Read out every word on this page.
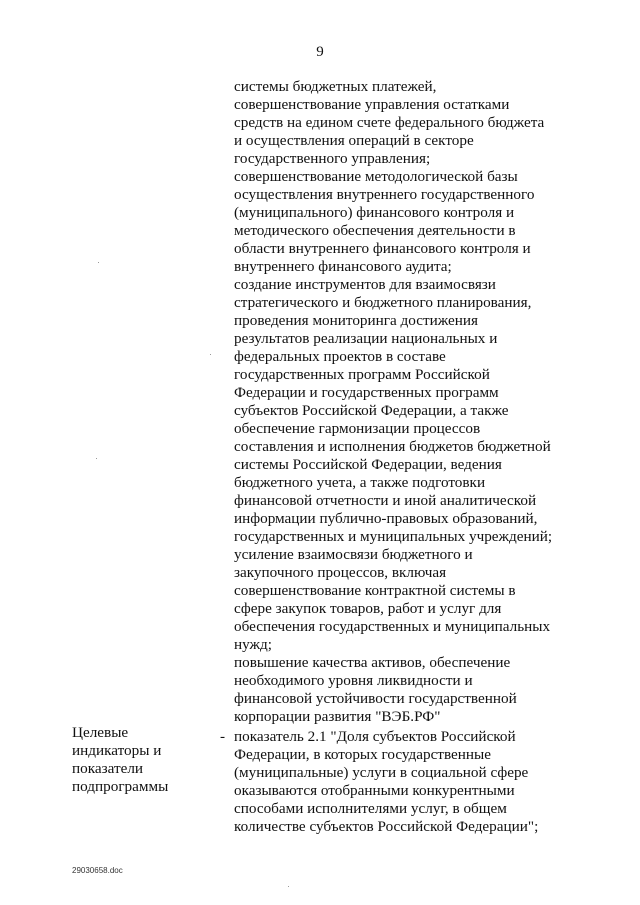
9
системы бюджетных платежей,
совершенствование управления остатками
средств на едином счете федерального бюджета
и осуществления операций в секторе
государственного управления;
совершенствование методологической базы
осуществления внутреннего государственного
(муниципального) финансового контроля и
методического обеспечения деятельности в
области внутреннего финансового контроля и
внутреннего финансового аудита;
создание инструментов для взаимосвязи
стратегического и бюджетного планирования,
проведения мониторинга достижения
результатов реализации национальных и
федеральных проектов в составе
государственных программ Российской
Федерации и государственных программ
субъектов Российской Федерации, а также
обеспечение гармонизации процессов
составления и исполнения бюджетов бюджетной
системы Российской Федерации, ведения
бюджетного учета, а также подготовки
финансовой отчетности и иной аналитической
информации публично-правовых образований,
государственных и муниципальных учреждений;
усиление взаимосвязи бюджетного и
закупочного процессов, включая
совершенствование контрактной системы в
сфере закупок товаров, работ и услуг для
обеспечения государственных и муниципальных
нужд;
повышение качества активов, обеспечение
необходимого уровня ликвидности и
финансовой устойчивости государственной
корпорации развития "ВЭБ.РФ"
Целевые
индикаторы и
показатели
подпрограммы
- показатель 2.1 "Доля субъектов Российской
Федерации, в которых государственные
(муниципальные) услуги в социальной сфере
оказываются отобранными конкурентными
способами исполнителями услуг, в общем
количестве субъектов Российской Федерации";
29030658.doc
